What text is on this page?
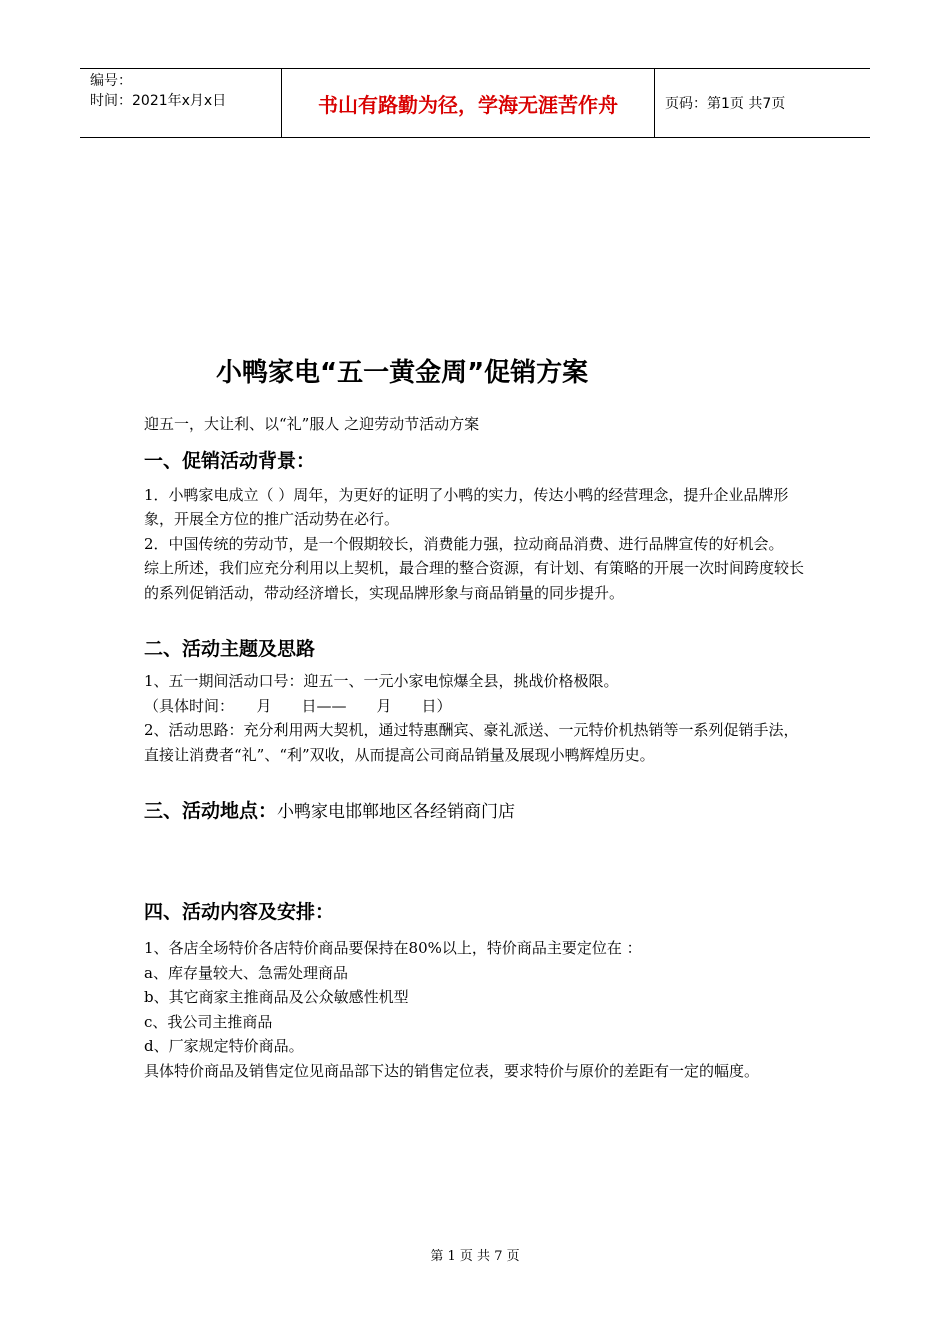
编号：
时间：2021年x月x日	书山有路勤为径，学海无涯苦作舟	页码：第1页 共7页
小鸭家电“五一黄金周”促销方案

迎五一，大让利、以“礼”服人 之迎劳动节活动方案

一、促销活动背景：

1．小鸭家电成立（ ）周年，为更好的证明了小鸭的实力，传达小鸭的经营理念，提升企业品牌形象，开展全方位的推广活动势在必行。

2．中国传统的劳动节，是一个假期较长，消费能力强，拉动商品消费、进行品牌宣传的好机会。

综上所述，我们应充分利用以上契机，最合理的整合资源，有计划、有策略的开展一次时间跨度较长的系列促销活动，带动经济增长，实现品牌形象与商品销量的同步提升。

二、活动主题及思路

1、五一期间活动口号：迎五一、一元小家电惊爆全县，挑战价格极限。

（具体时间：　　月　　日——　　月　　日）

2、活动思路：充分利用两大契机，通过特惠酬宾、豪礼派送、一元特价机热销等一系列促销手法，直接让消费者“礼”、“利”双收，从而提高公司商品销量及展现小鸭辉煌历史。

三、活动地点：小鸭家电邯郸地区各经销商门店
四、活动内容及安排：

1、各店全场特价各店特价商品要保持在80%以上，特价商品主要定位在 ：

a、库存量较大、急需处理商品

b、其它商家主推商品及公众敏感性机型

c、我公司主推商品

d、厂家规定特价商品。

具体特价商品及销售定位见商品部下达的销售定位表，要求特价与原价的差距有一定的幅度。

第 1 页 共 7 页
